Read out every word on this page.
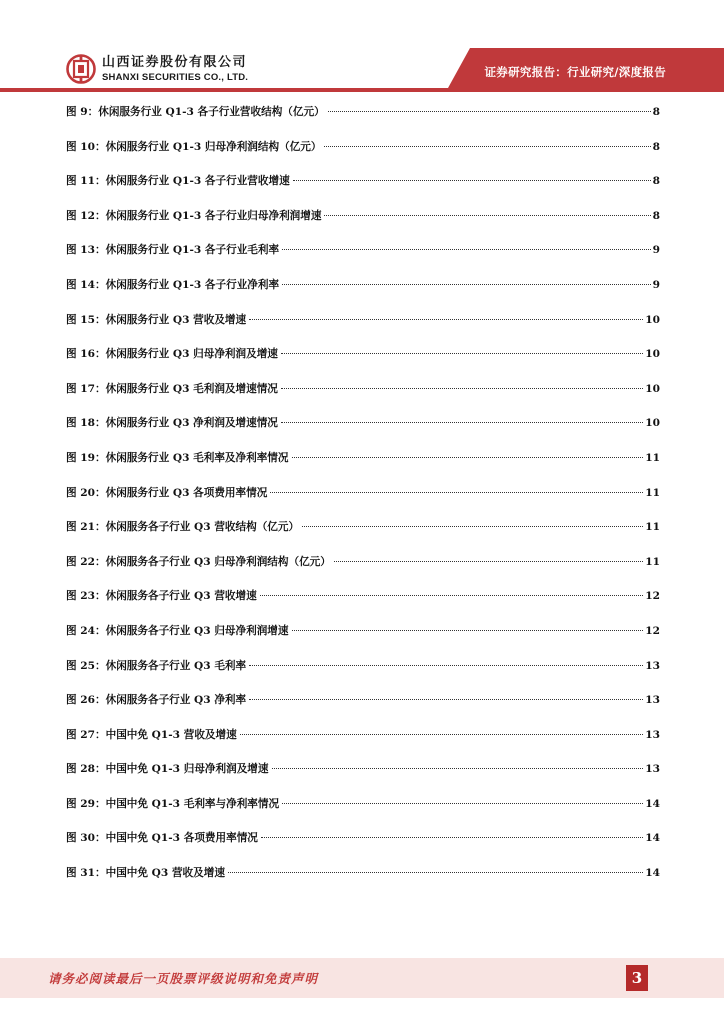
山西证券股份有限公司
SHANXI SECURITIES CO., LTD.	证券研究报告：行业研究/深度报告
图 9：休闲服务行业 Q1-3 各子行业营收结构（亿元）	8
图 10：休闲服务行业 Q1-3 归母净利润结构（亿元）	8
图 11：休闲服务行业 Q1-3 各子行业营收增速	8
图 12：休闲服务行业 Q1-3 各子行业归母净利润增速	8
图 13：休闲服务行业 Q1-3 各子行业毛利率	9
图 14：休闲服务行业 Q1-3 各子行业净利率	9
图 15：休闲服务行业 Q3 营收及增速	10
图 16：休闲服务行业 Q3 归母净利润及增速	10
图 17：休闲服务行业 Q3 毛利润及增速情况	10
图 18：休闲服务行业 Q3 净利润及增速情况	10
图 19：休闲服务行业 Q3 毛利率及净利率情况	11
图 20：休闲服务行业 Q3 各项费用率情况	11
图 21：休闲服务各子行业 Q3 营收结构（亿元）	11
图 22：休闲服务各子行业 Q3 归母净利润结构（亿元）	11
图 23：休闲服务各子行业 Q3 营收增速	12
图 24：休闲服务各子行业 Q3 归母净利润增速	12
图 25：休闲服务各子行业 Q3 毛利率	13
图 26：休闲服务各子行业 Q3 净利率	13
图 27：中国中免 Q1-3 营收及增速	13
图 28：中国中免 Q1-3 归母净利润及增速	13
图 29：中国中免 Q1-3 毛利率与净利率情况	14
图 30：中国中免 Q1-3 各项费用率情况	14
图 31：中国中免 Q3 营收及增速	14
请务必阅读最后一页股票评级说明和免责声明	3
